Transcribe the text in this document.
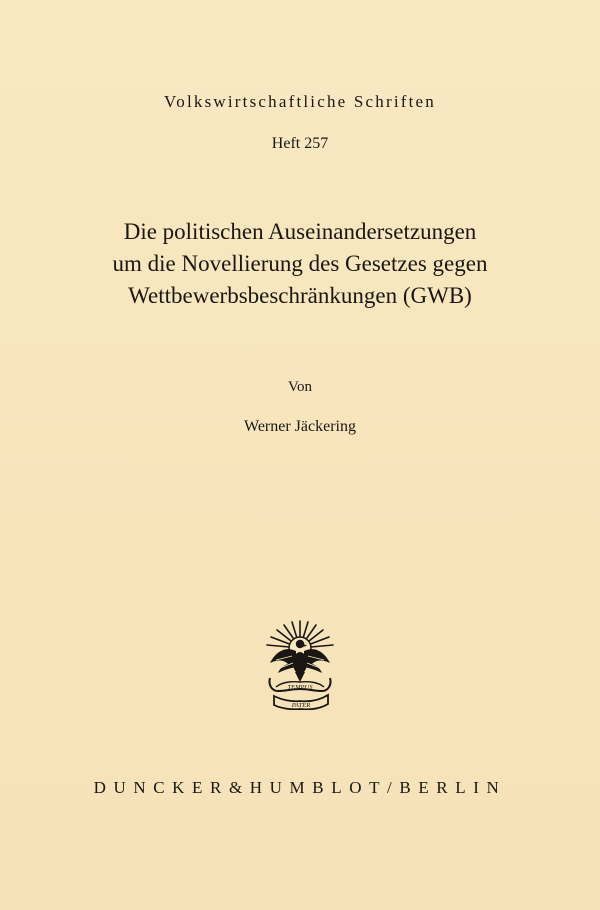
Volkswirtschaftliche Schriften
Heft 257
Die politischen Auseinandersetzungen
um die Novellierung des Gesetzes gegen
Wettbewerbsbeschränkungen (GWB)
Von
Werner Jäckering
TEMPUS
PATER
DUNCKER&HUMBLOT/BERLIN
